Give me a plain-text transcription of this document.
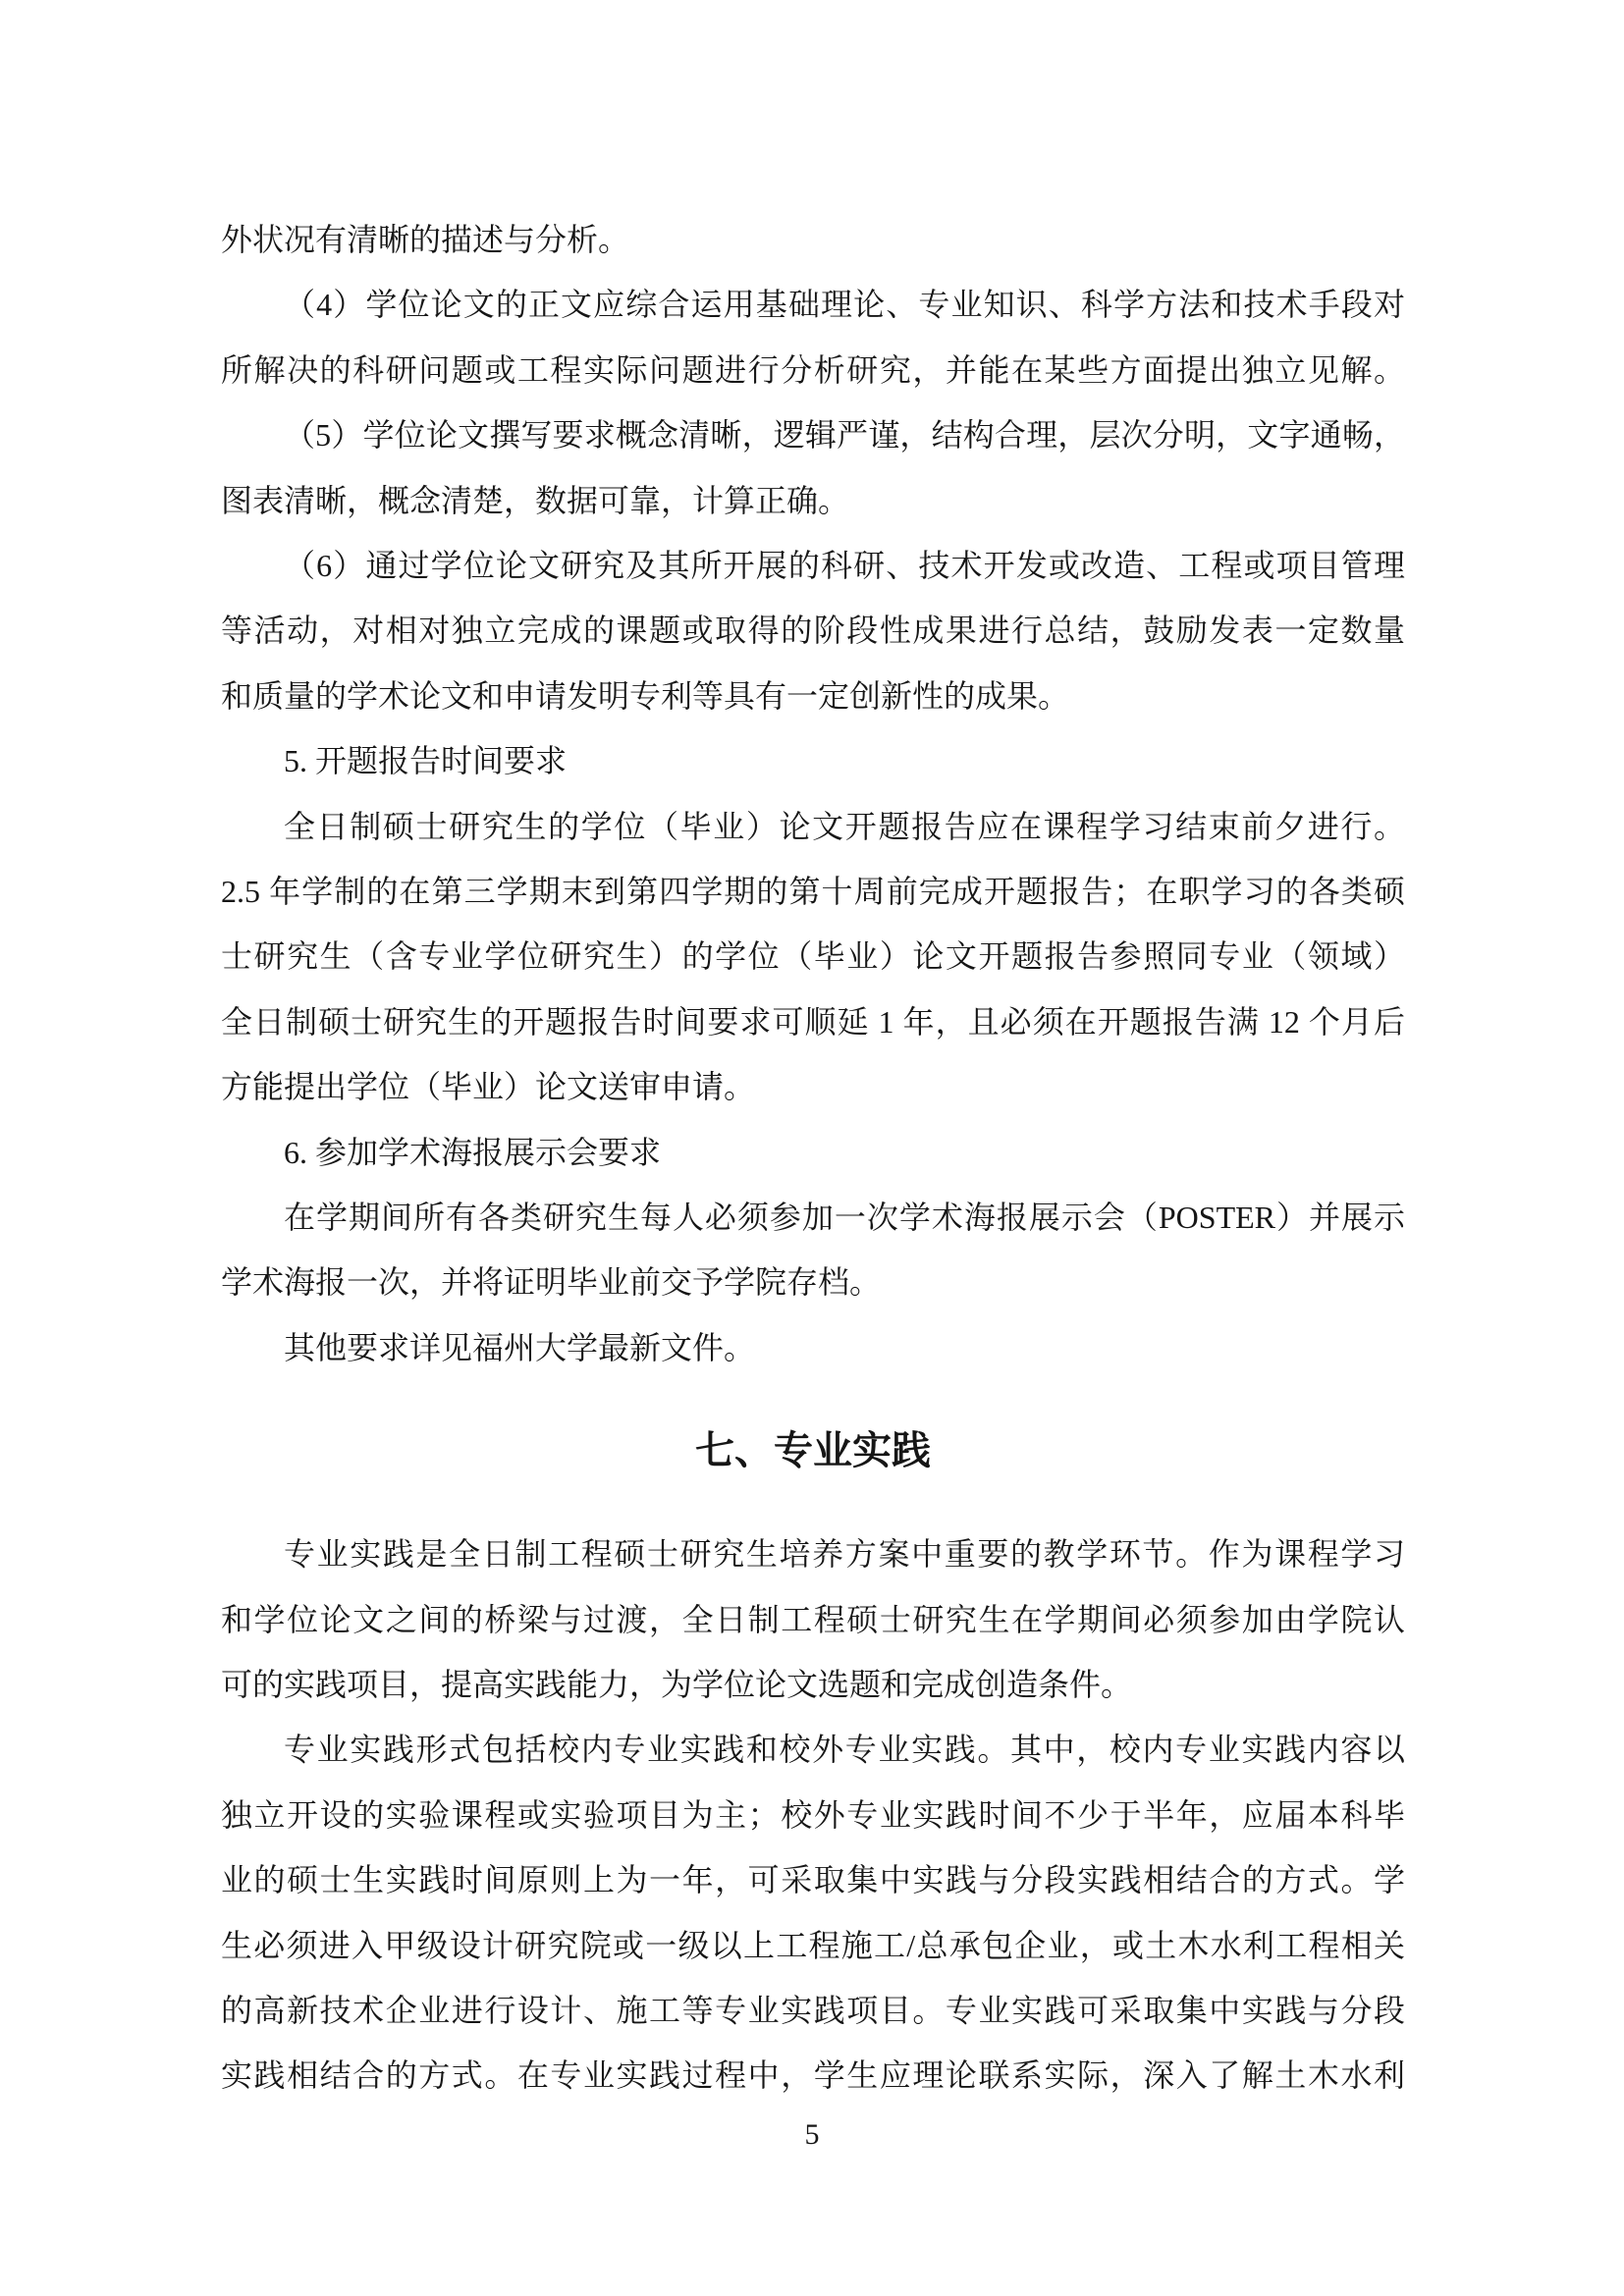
外状况有清晰的描述与分析。
（4）学位论文的正文应综合运用基础理论、专业知识、科学方法和技术手段对
所解决的科研问题或工程实际问题进行分析研究，并能在某些方面提出独立见解。
（5）学位论文撰写要求概念清晰，逻辑严谨，结构合理，层次分明，文字通畅，
图表清晰，概念清楚，数据可靠，计算正确。
（6）通过学位论文研究及其所开展的科研、技术开发或改造、工程或项目管理
等活动，对相对独立完成的课题或取得的阶段性成果进行总结，鼓励发表一定数量
和质量的学术论文和申请发明专利等具有一定创新性的成果。
5. 开题报告时间要求
全日制硕士研究生的学位（毕业）论文开题报告应在课程学习结束前夕进行。
2.5 年学制的在第三学期末到第四学期的第十周前完成开题报告；在职学习的各类硕
士研究生（含专业学位研究生）的学位（毕业）论文开题报告参照同专业（领域）
全日制硕士研究生的开题报告时间要求可顺延 1 年，且必须在开题报告满 12 个月后
方能提出学位（毕业）论文送审申请。
6. 参加学术海报展示会要求
在学期间所有各类研究生每人必须参加一次学术海报展示会（POSTER）并展示
学术海报一次，并将证明毕业前交予学院存档。
其他要求详见福州大学最新文件。
七、专业实践
专业实践是全日制工程硕士研究生培养方案中重要的教学环节。作为课程学习
和学位论文之间的桥梁与过渡，全日制工程硕士研究生在学期间必须参加由学院认
可的实践项目，提高实践能力，为学位论文选题和完成创造条件。
专业实践形式包括校内专业实践和校外专业实践。其中，校内专业实践内容以
独立开设的实验课程或实验项目为主；校外专业实践时间不少于半年，应届本科毕
业的硕士生实践时间原则上为一年，可采取集中实践与分段实践相结合的方式。学
生必须进入甲级设计研究院或一级以上工程施工/总承包企业，或土木水利工程相关
的高新技术企业进行设计、施工等专业实践项目。专业实践可采取集中实践与分段
实践相结合的方式。在专业实践过程中，学生应理论联系实际，深入了解土木水利
5
